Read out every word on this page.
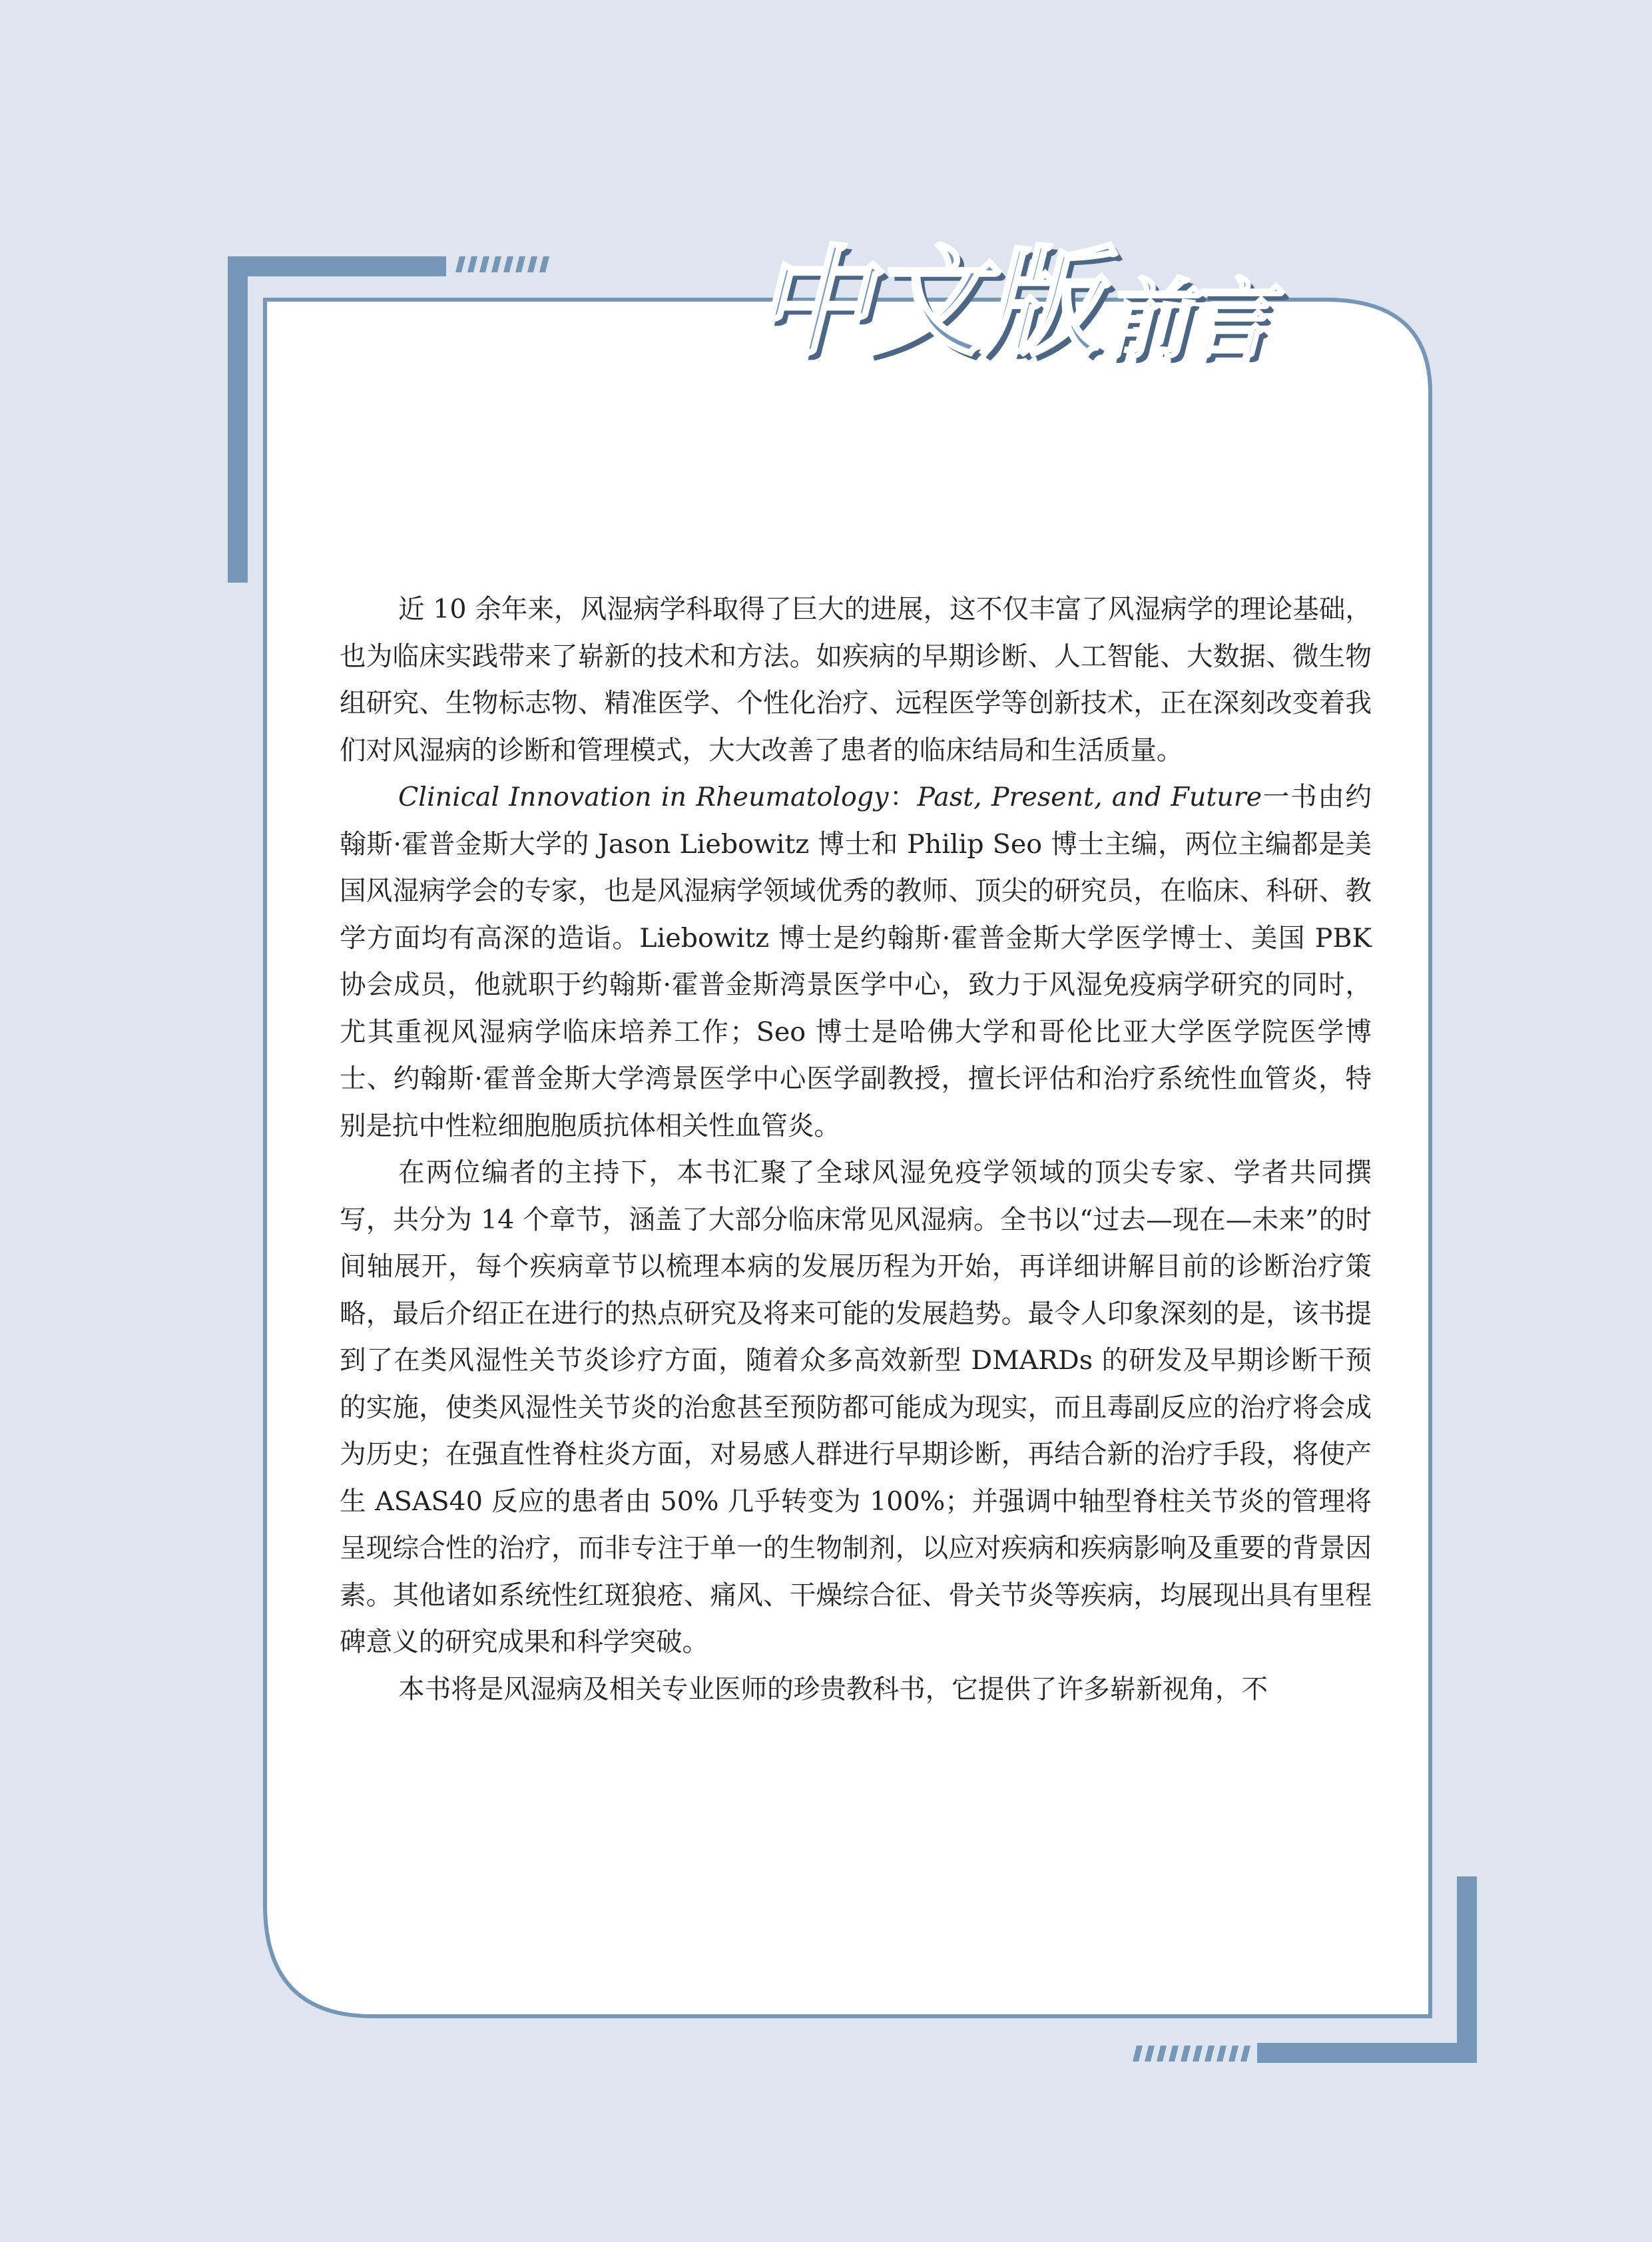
中文版前言

近 10 余年来，风湿病学科取得了巨大的进展，这不仅丰富了风湿病学的理论基础，也为临床实践带来了崭新的技术和方法。如疾病的早期诊断、人工智能、大数据、微生物组研究、生物标志物、精准医学、个性化治疗、远程医学等创新技术，正在深刻改变着我们对风湿病的诊断和管理模式，大大改善了患者的临床结局和生活质量。

Clinical Innovation in Rheumatology：Past, Present, and Future一书由约翰斯·霍普金斯大学的 Jason Liebowitz 博士和 Philip Seo 博士主编，两位主编都是美国风湿病学会的专家，也是风湿病学领域优秀的教师、顶尖的研究员，在临床、科研、教学方面均有高深的造诣。Liebowitz 博士是约翰斯·霍普金斯大学医学博士、美国 PBK 协会成员，他就职于约翰斯·霍普金斯湾景医学中心，致力于风湿免疫病学研究的同时，尤其重视风湿病学临床培养工作；Seo 博士是哈佛大学和哥伦比亚大学医学院医学博士、约翰斯·霍普金斯大学湾景医学中心医学副教授，擅长评估和治疗系统性血管炎，特别是抗中性粒细胞胞质抗体相关性血管炎。

在两位编者的主持下，本书汇聚了全球风湿免疫学领域的顶尖专家、学者共同撰写，共分为 14 个章节，涵盖了大部分临床常见风湿病。全书以“过去—现在—未来”的时间轴展开，每个疾病章节以梳理本病的发展历程为开始，再详细讲解目前的诊断治疗策略，最后介绍正在进行的热点研究及将来可能的发展趋势。最令人印象深刻的是，该书提到了在类风湿性关节炎诊疗方面，随着众多高效新型 DMARDs 的研发及早期诊断干预的实施，使类风湿性关节炎的治愈甚至预防都可能成为现实，而且毒副反应的治疗将会成为历史；在强直性脊柱炎方面，对易感人群进行早期诊断，再结合新的治疗手段，将使产生 ASAS40 反应的患者由 50% 几乎转变为 100%；并强调中轴型脊柱关节炎的管理将呈现综合性的治疗，而非专注于单一的生物制剂，以应对疾病和疾病影响及重要的背景因素。其他诸如系统性红斑狼疮、痛风、干燥综合征、骨关节炎等疾病，均展现出具有里程碑意义的研究成果和科学突破。

本书将是风湿病及相关专业医师的珍贵教科书，它提供了许多崭新视角，不
